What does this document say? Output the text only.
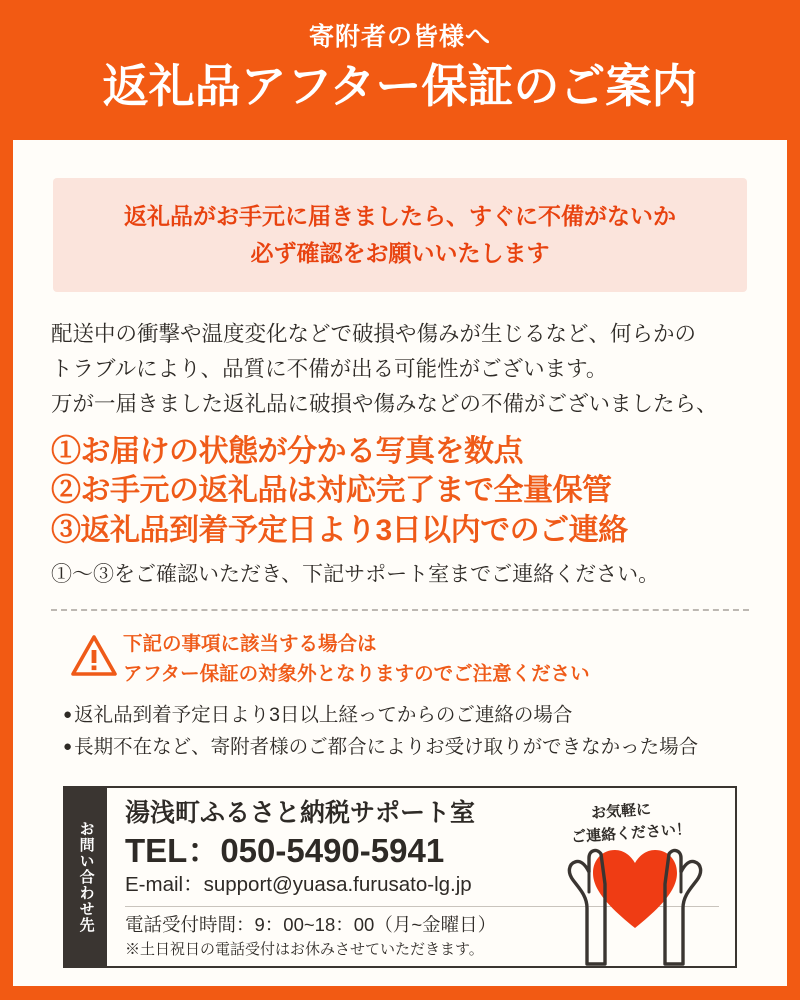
寄附者の皆様へ
返礼品アフター保証のご案内
返礼品がお手元に届きましたら、すぐに不備がないか
必ず確認をお願いいたします

配送中の衝撃や温度変化などで破損や傷みが生じるなど、何らかの

トラブルにより、品質に不備が出る可能性がございます。

万が一届きました返礼品に破損や傷みなどの不備がございましたら、

①お届けの状態が分かる写真を数点
②お手元の返礼品は対応完了まで全量保管
③返礼品到着予定日より3日以内でのご連絡
①～③をご確認いただき、下記サポート室までご連絡ください。
下記の事項に該当する場合は
アフター保証の対象外となりますのでご注意ください
● 返礼品到着予定日より3日以上経ってからのご連絡の場合
● 長期不在など、寄附者様のご都合によりお受け取りができなかった場合
お問い合わせ先
湯浅町ふるさと納税サポート室
TEL：050-5490-5941
E-mail：support@yuasa.furusato-lg.jp
電話受付時間：9：00~18：00（月~金曜日）
※土日祝日の電話受付はお休みさせていただきます。
お気軽に
ご連絡ください！
